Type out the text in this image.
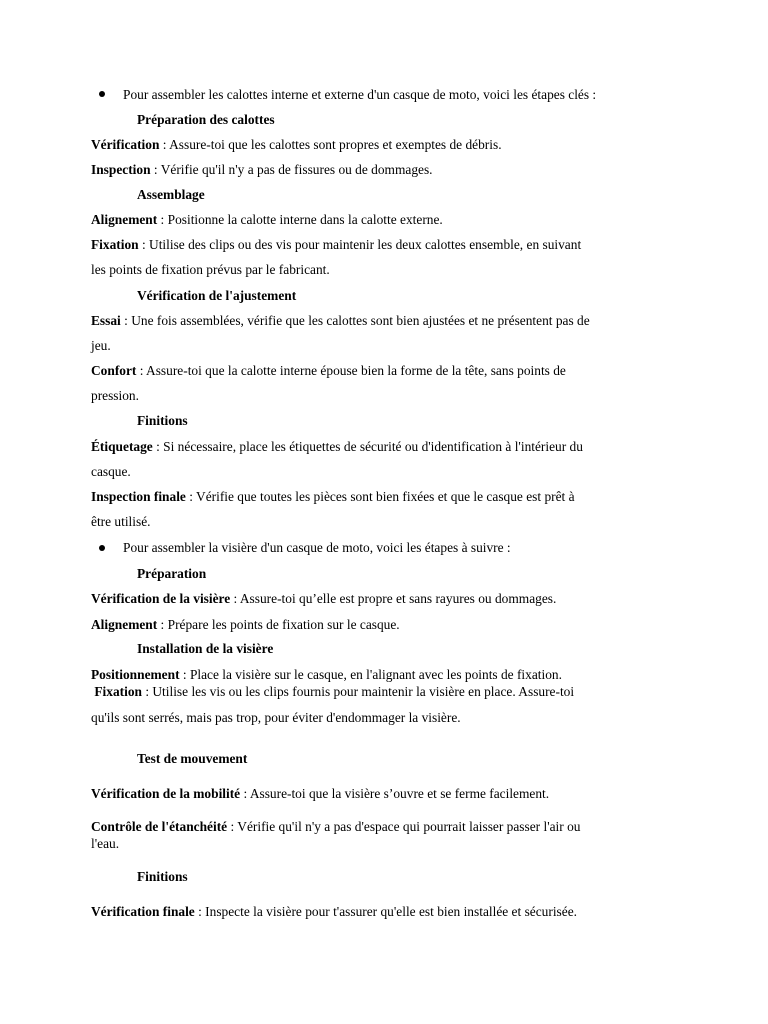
Pour assembler les calottes interne et externe d'un casque de moto, voici les étapes clés :
Préparation des calottes
Vérification : Assure-toi que les calottes sont propres et exemptes de débris.
Inspection : Vérifie qu'il n'y a pas de fissures ou de dommages.
Assemblage
Alignement : Positionne la calotte interne dans la calotte externe.
Fixation : Utilise des clips ou des vis pour maintenir les deux calottes ensemble, en suivant
les points de fixation prévus par le fabricant.
Vérification de l'ajustement
Essai : Une fois assemblées, vérifie que les calottes sont bien ajustées et ne présentent pas de
jeu.
Confort : Assure-toi que la calotte interne épouse bien la forme de la tête, sans points de
pression.
Finitions
Étiquetage : Si nécessaire, place les étiquettes de sécurité ou d'identification à l'intérieur du
casque.
Inspection finale : Vérifie que toutes les pièces sont bien fixées et que le casque est prêt à
être utilisé.
Pour assembler la visière d'un casque de moto, voici les étapes à suivre :
Préparation
Vérification de la visière : Assure-toi qu’elle est propre et sans rayures ou dommages.
Alignement : Prépare les points de fixation sur le casque.
Installation de la visière
Positionnement : Place la visière sur le casque, en l'alignant avec les points de fixation.
Fixation : Utilise les vis ou les clips fournis pour maintenir la visière en place. Assure-toi
qu'ils sont serrés, mais pas trop, pour éviter d'endommager la visière.
Test de mouvement
Vérification de la mobilité : Assure-toi que la visière s’ouvre et se ferme facilement.
Contrôle de l'étanchéité : Vérifie qu'il n'y a pas d'espace qui pourrait laisser passer l'air ou
l'eau.
Finitions
Vérification finale : Inspecte la visière pour t'assurer qu'elle est bien installée et sécurisée.
